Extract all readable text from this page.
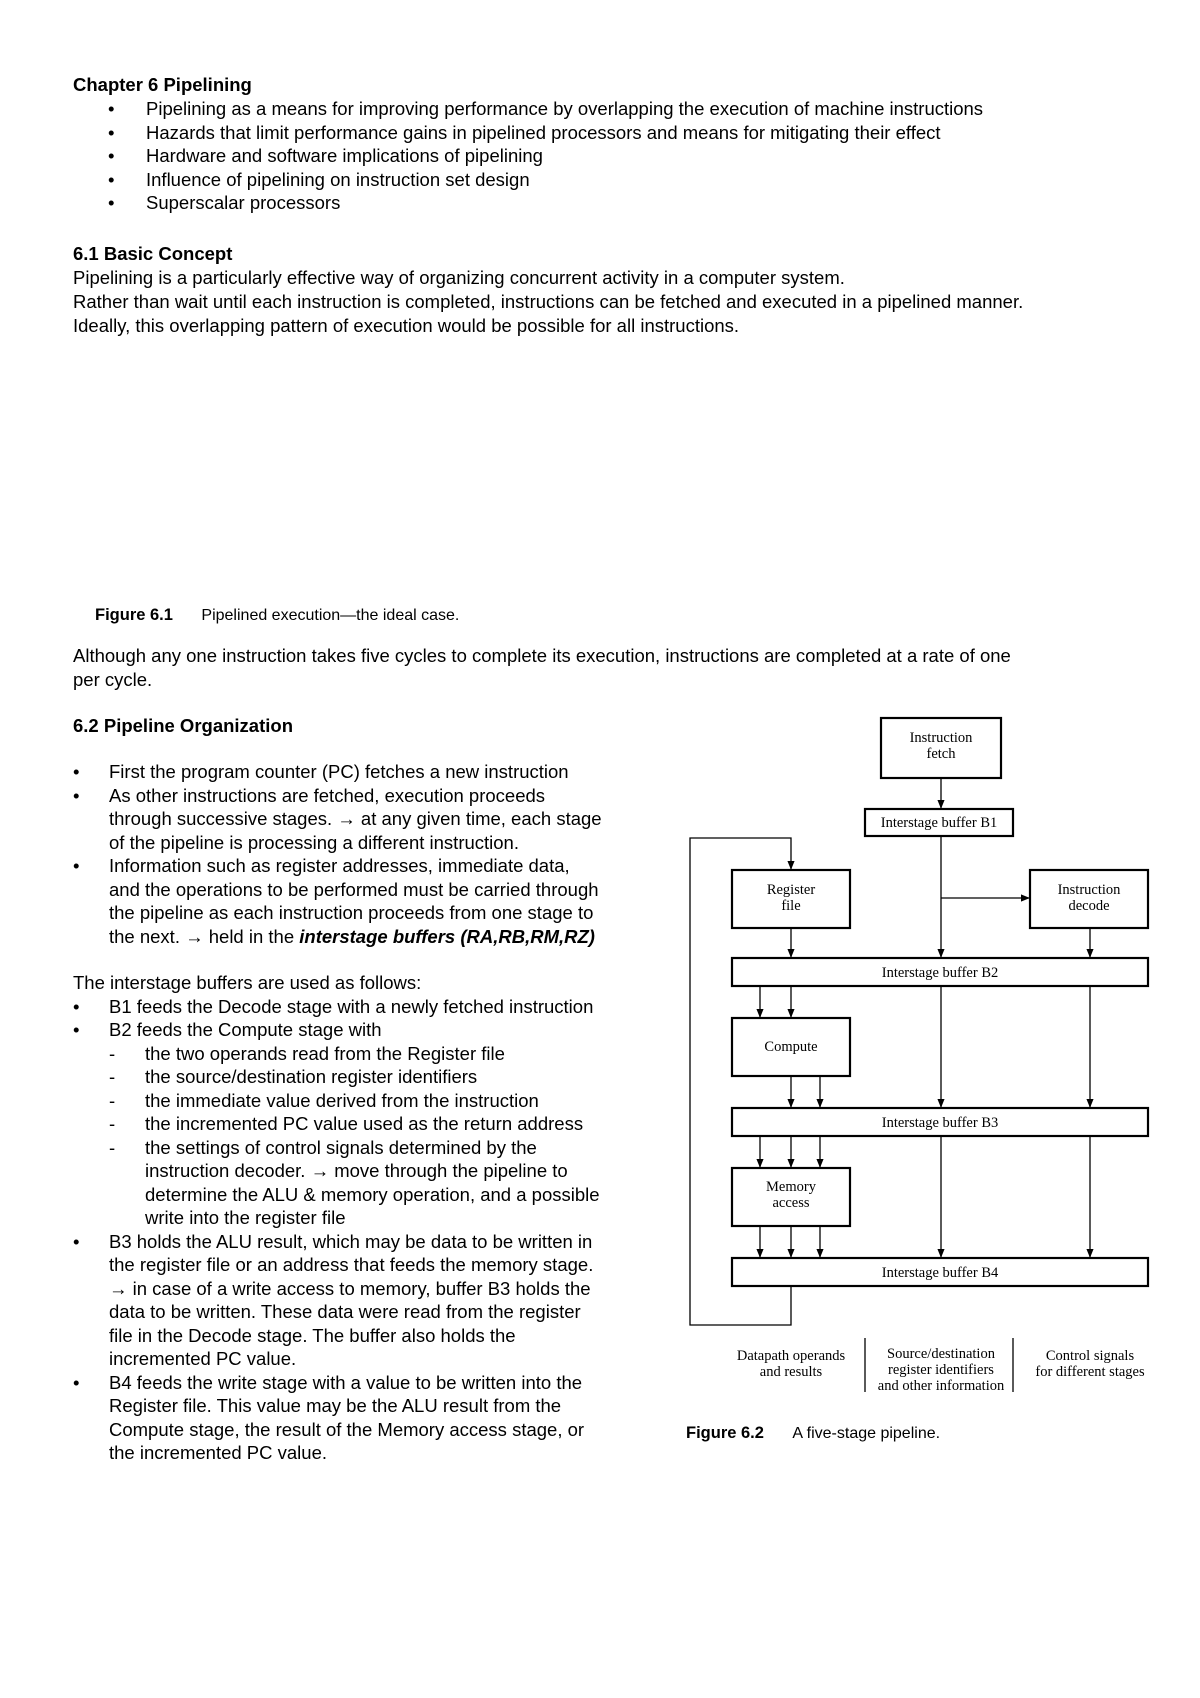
Chapter 6 Pipelining
• Pipelining as a means for improving performance by overlapping the execution of machine instructions
• Hazards that limit performance gains in pipelined processors and means for mitigating their effect
• Hardware and software implications of pipelining
• Influence of pipelining on instruction set design
• Superscalar processors
6.1 Basic Concept
Pipelining is a particularly effective way of organizing concurrent activity in a computer system.
Rather than wait until each instruction is completed, instructions can be fetched and executed in a pipelined manner.
Ideally, this overlapping pattern of execution would be possible for all instructions.
Figure 6.1 Pipelined execution—the ideal case.
Although any one instruction takes five cycles to complete its execution, instructions are completed at a rate of one
per cycle.
6.2 Pipeline Organization
• First the program counter (PC) fetches a new instruction
• As other instructions are fetched, execution proceeds
through successive stages. → at any given time, each stage
of the pipeline is processing a different instruction.
• Information such as register addresses, immediate data,
and the operations to be performed must be carried through
the pipeline as each instruction proceeds from one stage to
the next. → held in the interstage buffers (RA,RB,RM,RZ)
The interstage buffers are used as follows:
• B1 feeds the Decode stage with a newly fetched instruction
• B2 feeds the Compute stage with
- the two operands read from the Register file
- the source/destination register identifiers
- the immediate value derived from the instruction
- the incremented PC value used as the return address
- the settings of control signals determined by the
instruction decoder. → move through the pipeline to
determine the ALU & memory operation, and a possible
write into the register file
• B3 holds the ALU result, which may be data to be written in
the register file or an address that feeds the memory stage.
→ in case of a write access to memory, buffer B3 holds the
data to be written. These data were read from the register
file in the Decode stage. The buffer also holds the
incremented PC value.
• B4 feeds the write stage with a value to be written into the
Register file. This value may be the ALU result from the
Compute stage, the result of the Memory access stage, or
the incremented PC value.
Instruction
fetch
Interstage buffer B1
Register
file
Instruction
decode
Interstage buffer B2
Compute
Interstage buffer B3
Memory
access
Interstage buffer B4
Datapath operands
and results
Source/destination
register identifiers
and other information
Control signals
for different stages
Figure 6.2 A five-stage pipeline.
